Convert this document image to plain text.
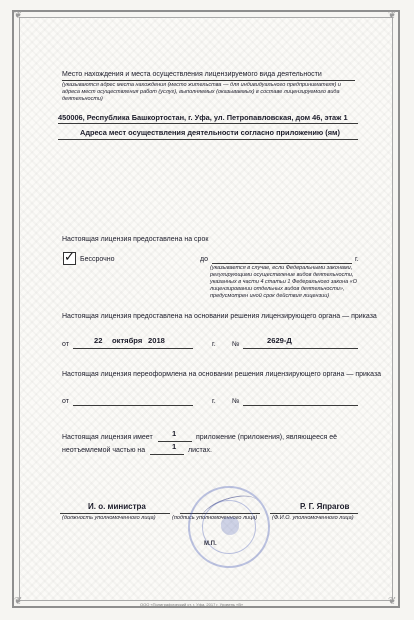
❦	❦
❦	❦
Место нахождения и места осуществления лицензируемого вида деятельности
(указываются адрес места нахождения (место жительства — для индивидуального предпринимателя) и адреса мест осуществления работ (услуг), выполняемых (оказываемых) в составе лицензируемого вида деятельности)
450006, Республика Башкортостан, г. Уфа, ул. Петропавловская, дом 46, этаж 1
Адреса мест осуществления деятельности согласно приложению (ям)
Настоящая лицензия предоставлена на срок
✓ Бессрочно	до	г.
(указывается в случае, если Федеральными законами, регулирующими осуществление видов деятельности, указанных в части 4 статьи 1 Федерального закона «О лицензировании отдельных видов деятельности», предусмотрен иной срок действия лицензии)
Настоящая лицензия предоставлена на основании решения лицензирующего органа — приказа
от	22 октября 2018	г. №	2629-Д
Настоящая лицензия переоформлена на основании решения лицензирующего органа — приказа
от	г. №
Настоящая лицензия имеет	1	приложение (приложения), являющееся её
неотъемлемой частью на	1 листах.
И. о. министра
(должность уполномоченного лица)	(подпись уполномоченного лица)
Р. Г. Япparов
(Ф.И.О. уполномоченного лица)
М.П.
ООО «Полиграфический ст. г. Уфа, 2017 г. Уровень «В»
